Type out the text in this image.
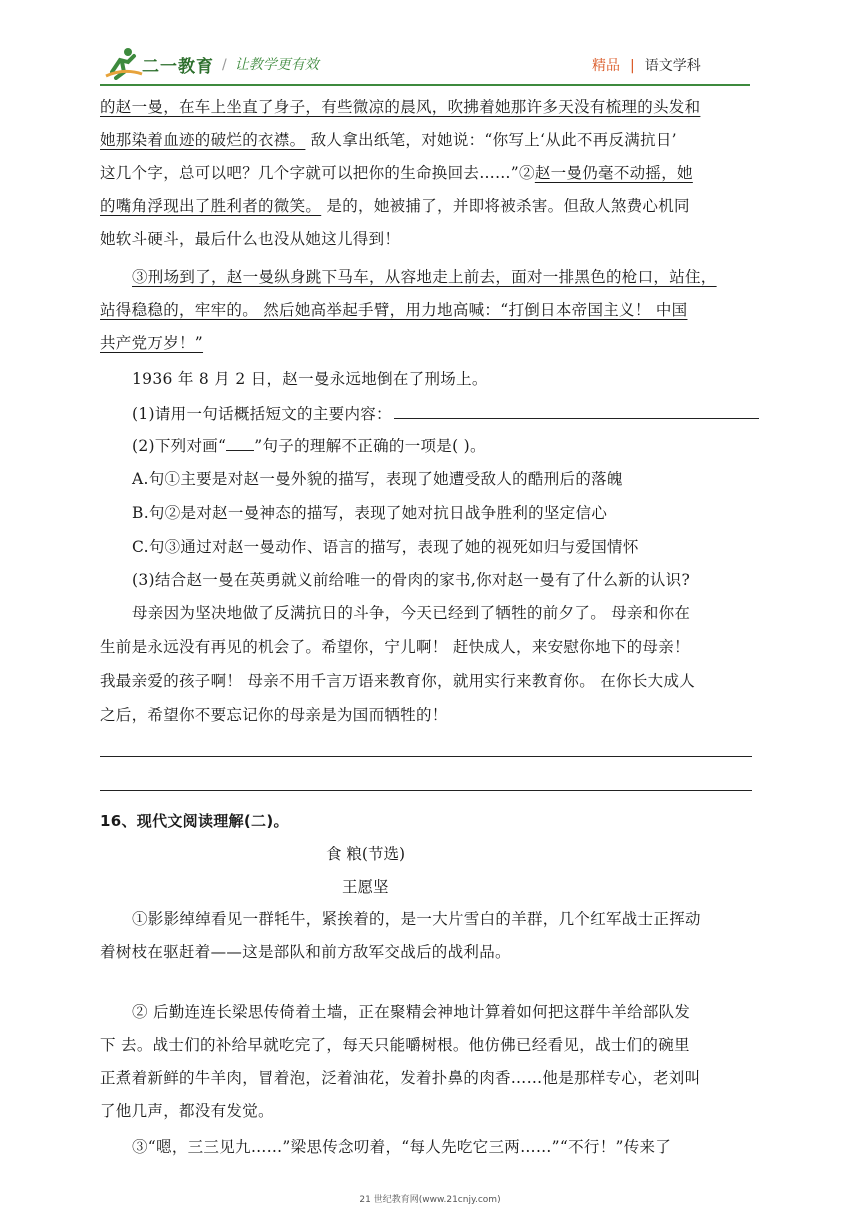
二一教育 / 让教学更有效	精品 | 语文学科
的赵一曼，在车上坐直了身子，有些微凉的晨风，吹拂着她那许多天没有梳理的头发和
她那染着血迹的破烂的衣襟。 敌人拿出纸笔，对她说：“你写上‘从此不再反满抗日’
这几个字，总可以吧？几个字就可以把你的生命换回去……”②赵一曼仍毫不动摇，她
的嘴角浮现出了胜利者的微笑。 是的，她被捕了，并即将被杀害。但敌人煞费心机同
她软斗硬斗，最后什么也没从她这儿得到！
③刑场到了，赵一曼纵身跳下马车，从容地走上前去，面对一排黑色的枪口，站住，
站得稳稳的，牢牢的。 然后她高举起手臂，用力地高喊：“打倒日本帝国主义！ 中国
共产党万岁！”
1936 年 8 月 2 日，赵一曼永远地倒在了刑场上。
(1)请用一句话概括短文的主要内容：
(2)下列对画“ ”句子的理解不正确的一项是( )。
A.句①主要是对赵一曼外貌的描写，表现了她遭受敌人的酷刑后的落魄
B.句②是对赵一曼神态的描写，表现了她对抗日战争胜利的坚定信心
C.句③通过对赵一曼动作、语言的描写，表现了她的视死如归与爱国情怀
(3)结合赵一曼在英勇就义前给唯一的骨肉的家书,你对赵一曼有了什么新的认识?
母亲因为坚决地做了反满抗日的斗争，今天已经到了牺牲的前夕了。 母亲和你在
生前是永远没有再见的机会了。希望你，宁儿啊！ 赶快成人，来安慰你地下的母亲！
我最亲爱的孩子啊！ 母亲不用千言万语来教育你，就用实行来教育你。 在你长大成人
之后，希望你不要忘记你的母亲是为国而牺牲的！
16、现代文阅读理解(二)。
食 粮(节选)
王愿坚
①影影绰绰看见一群牦牛，紧挨着的，是一大片雪白的羊群，几个红军战士正挥动
着树枝在驱赶着——这是部队和前方敌军交战后的战利品。
② 后勤连连长梁思传倚着土墙，正在聚精会神地计算着如何把这群牛羊给部队发
下 去。战士们的补给早就吃完了，每天只能嚼树根。他仿佛已经看见，战士们的碗里
正煮着新鲜的牛羊肉，冒着泡，泛着油花，发着扑鼻的肉香……他是那样专心，老刘叫
了他几声，都没有发觉。
③“嗯，三三见九……”梁思传念叨着，“每人先吃它三两……”“不行！”传来了
21 世纪教育网(www.21cnjy.com)
